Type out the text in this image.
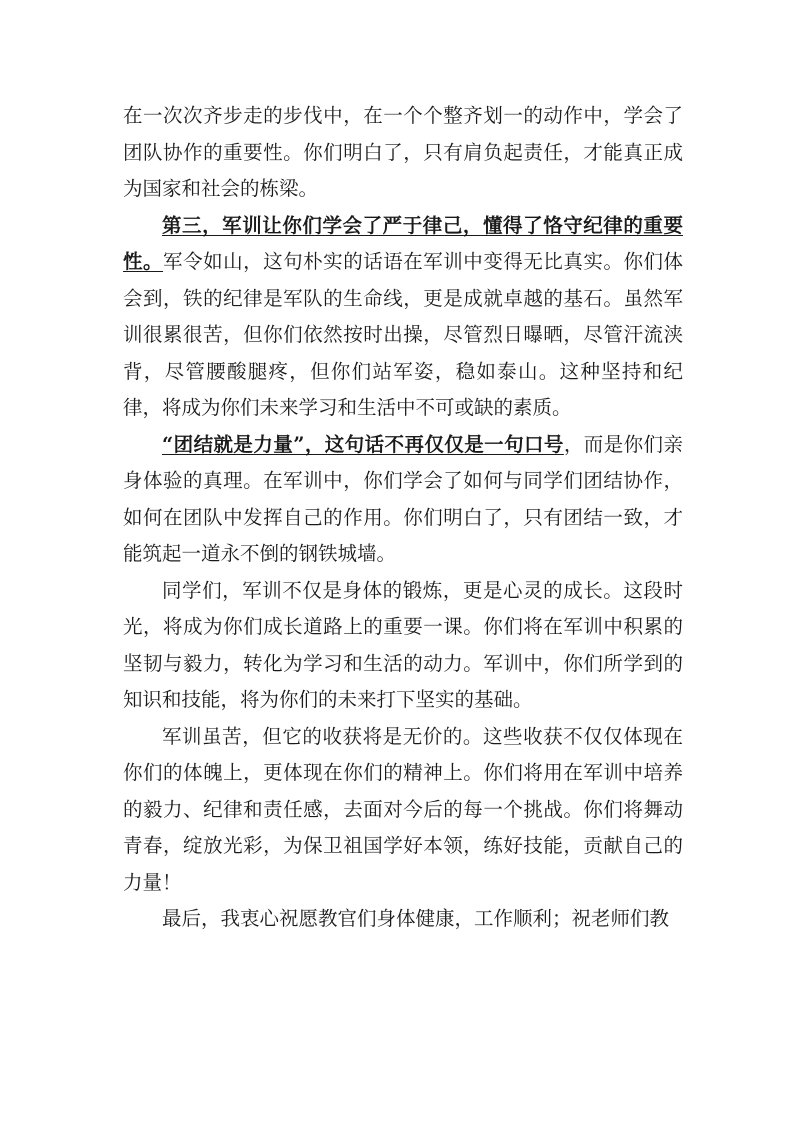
在一次次齐步走的步伐中，在一个个整齐划一的动作中，学会了团队协作的重要性。你们明白了，只有肩负起责任，才能真正成为国家和社会的栋梁。

第三，军训让你们学会了严于律己，懂得了恪守纪律的重要性。军令如山，这句朴实的话语在军训中变得无比真实。你们体会到，铁的纪律是军队的生命线，更是成就卓越的基石。虽然军训很累很苦，但你们依然按时出操，尽管烈日曝晒，尽管汗流浃背，尽管腰酸腿疼，但你们站军姿，稳如泰山。这种坚持和纪律，将成为你们未来学习和生活中不可或缺的素质。

“团结就是力量”，这句话不再仅仅是一句口号，而是你们亲身体验的真理。在军训中，你们学会了如何与同学们团结协作，如何在团队中发挥自己的作用。你们明白了，只有团结一致，才能筑起一道永不倒的钢铁城墙。

同学们，军训不仅是身体的锻炼，更是心灵的成长。这段时光，将成为你们成长道路上的重要一课。你们将在军训中积累的坚韧与毅力，转化为学习和生活的动力。军训中，你们所学到的知识和技能，将为你们的未来打下坚实的基础。

军训虽苦，但它的收获将是无价的。这些收获不仅仅体现在你们的体魄上，更体现在你们的精神上。你们将用在军训中培养的毅力、纪律和责任感，去面对今后的每一个挑战。你们将舞动青春，绽放光彩，为保卫祖国学好本领，练好技能，贡献自己的力量！

最后，我衷心祝愿教官们身体健康，工作顺利；祝老师们教
